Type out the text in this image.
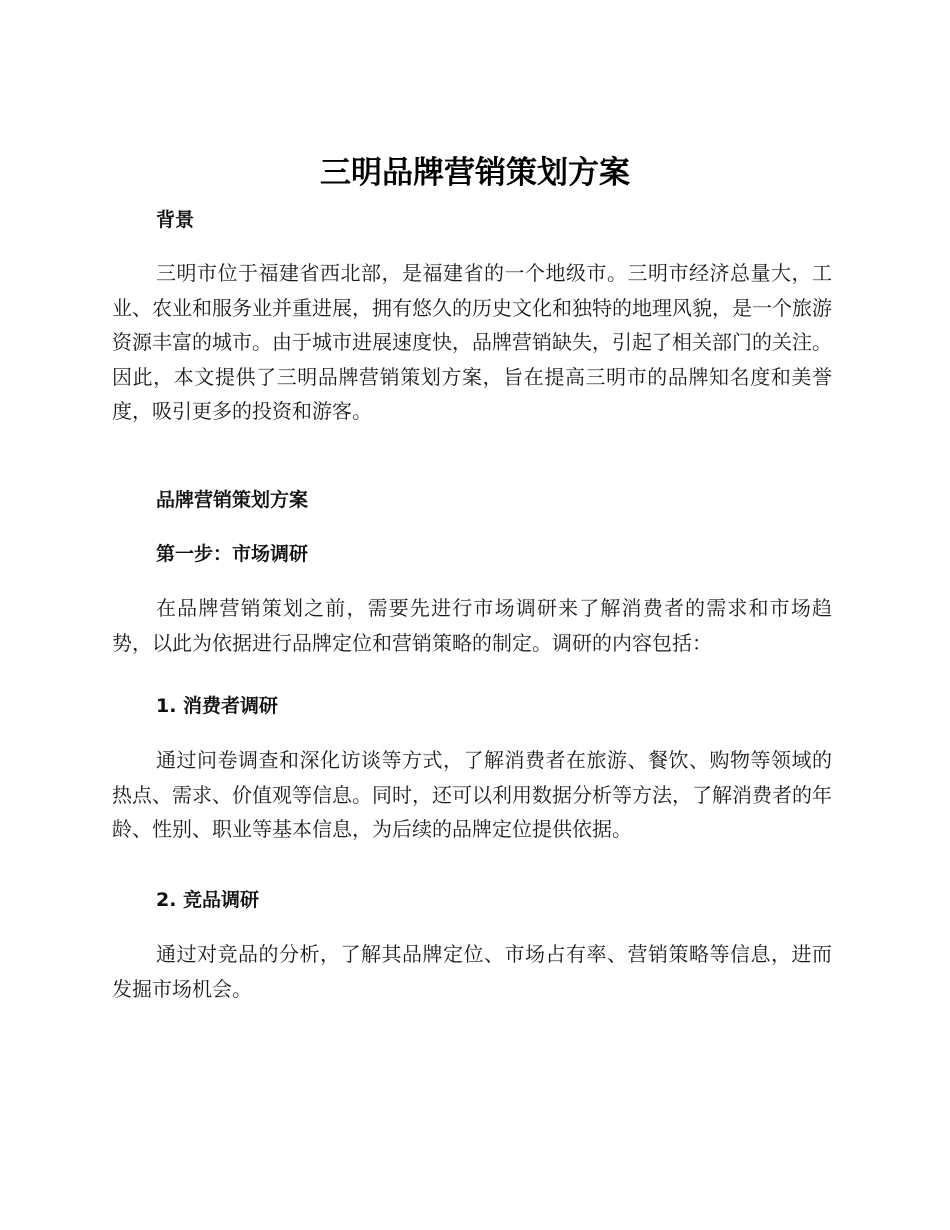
三明品牌营销策划方案
背景

三明市位于福建省西北部，是福建省的一个地级市。三明市经济总量大，工业、农业和服务业并重进展，拥有悠久的历史文化和独特的地理风貌，是一个旅游资源丰富的城市。由于城市进展速度快，品牌营销缺失，引起了相关部门的关注。因此，本文提供了三明品牌营销策划方案，旨在提高三明市的品牌知名度和美誉度，吸引更多的投资和游客。

品牌营销策划方案
第一步：市场调研

在品牌营销策划之前，需要先进行市场调研来了解消费者的需求和市场趋势，以此为依据进行品牌定位和营销策略的制定。调研的内容包括：

1. 消费者调研

通过问卷调查和深化访谈等方式，了解消费者在旅游、餐饮、购物等领域的热点、需求、价值观等信息。同时，还可以利用数据分析等方法，了解消费者的年龄、性别、职业等基本信息，为后续的品牌定位提供依据。

2. 竞品调研

通过对竞品的分析，了解其品牌定位、市场占有率、营销策略等信息，进而发掘市场机会。
